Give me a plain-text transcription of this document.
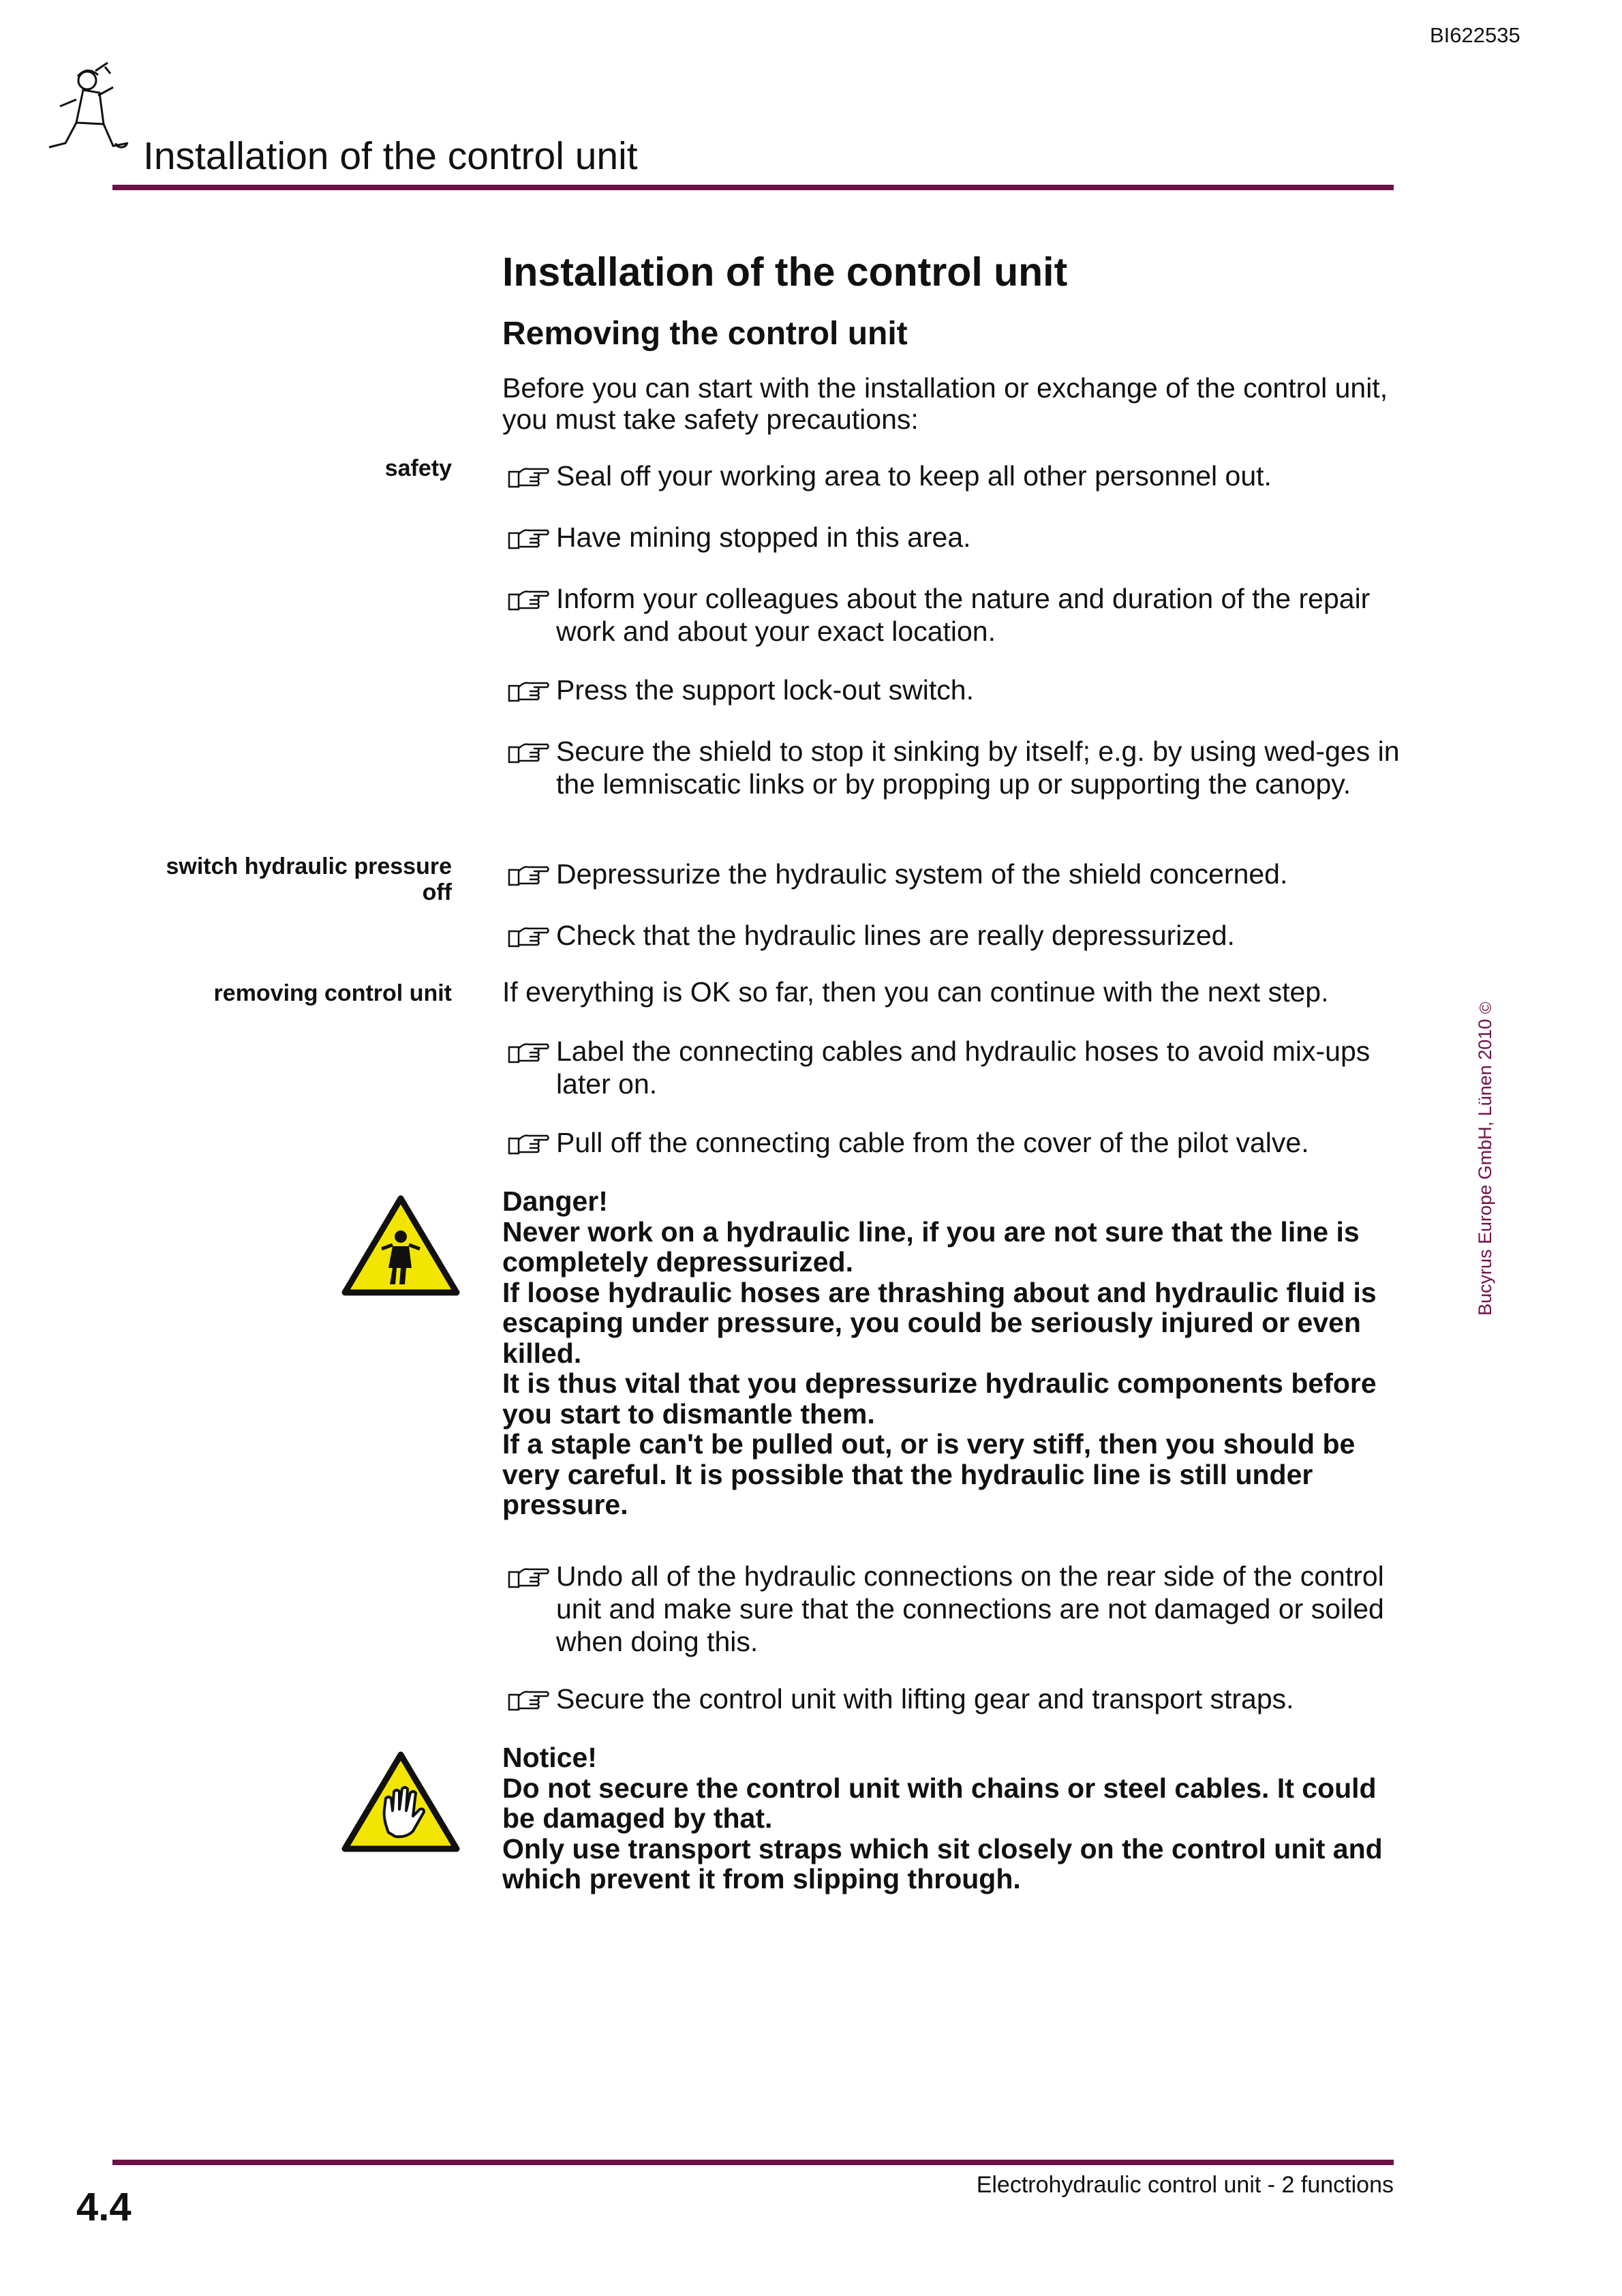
BI622535
Installation of the control unit
Installation of the control unit
Removing the control unit
Before you can start with the installation or exchange of the control unit, you must take safety precautions:
safety
switch hydraulic pressure off
removing control unit
Seal off your working area to keep all other personnel out.
Have mining stopped in this area.
Inform your colleagues about the nature and duration of the repair work and about your exact location.
Press the support lock-out switch.
Secure the shield to stop it sinking by itself; e.g. by using wed-ges in the lemniscatic links or by propping up or supporting the canopy.
Depressurize the hydraulic system of the shield concerned.
Check that the hydraulic lines are really depressurized.
If everything is OK so far, then you can continue with the next step.
Label the connecting cables and hydraulic hoses to avoid mix-ups later on.
Pull off the connecting cable from the cover of the pilot valve.

Danger!

Never work on a hydraulic line, if you are not sure that the line is completely depressurized.

If loose hydraulic hoses are thrashing about and hydraulic fluid is escaping under pressure, you could be seriously injured or even killed.

It is thus vital that you depressurize hydraulic components before you start to dismantle them.

If a staple can't be pulled out, or is very stiff, then you should be very careful. It is possible that the hydraulic line is still under pressure.

Undo all of the hydraulic connections on the rear side of the control unit and make sure that the connections are not damaged or soiled when doing this.
Secure the control unit with lifting gear and transport straps.

Notice!

Do not secure the control unit with chains or steel cables. It could be damaged by that.

Only use transport straps which sit closely on the control unit and which prevent it from slipping through.

Bucyrus Europe GmbH, Lünen 2010 ©
4.4	Electrohydraulic control unit - 2 functions
